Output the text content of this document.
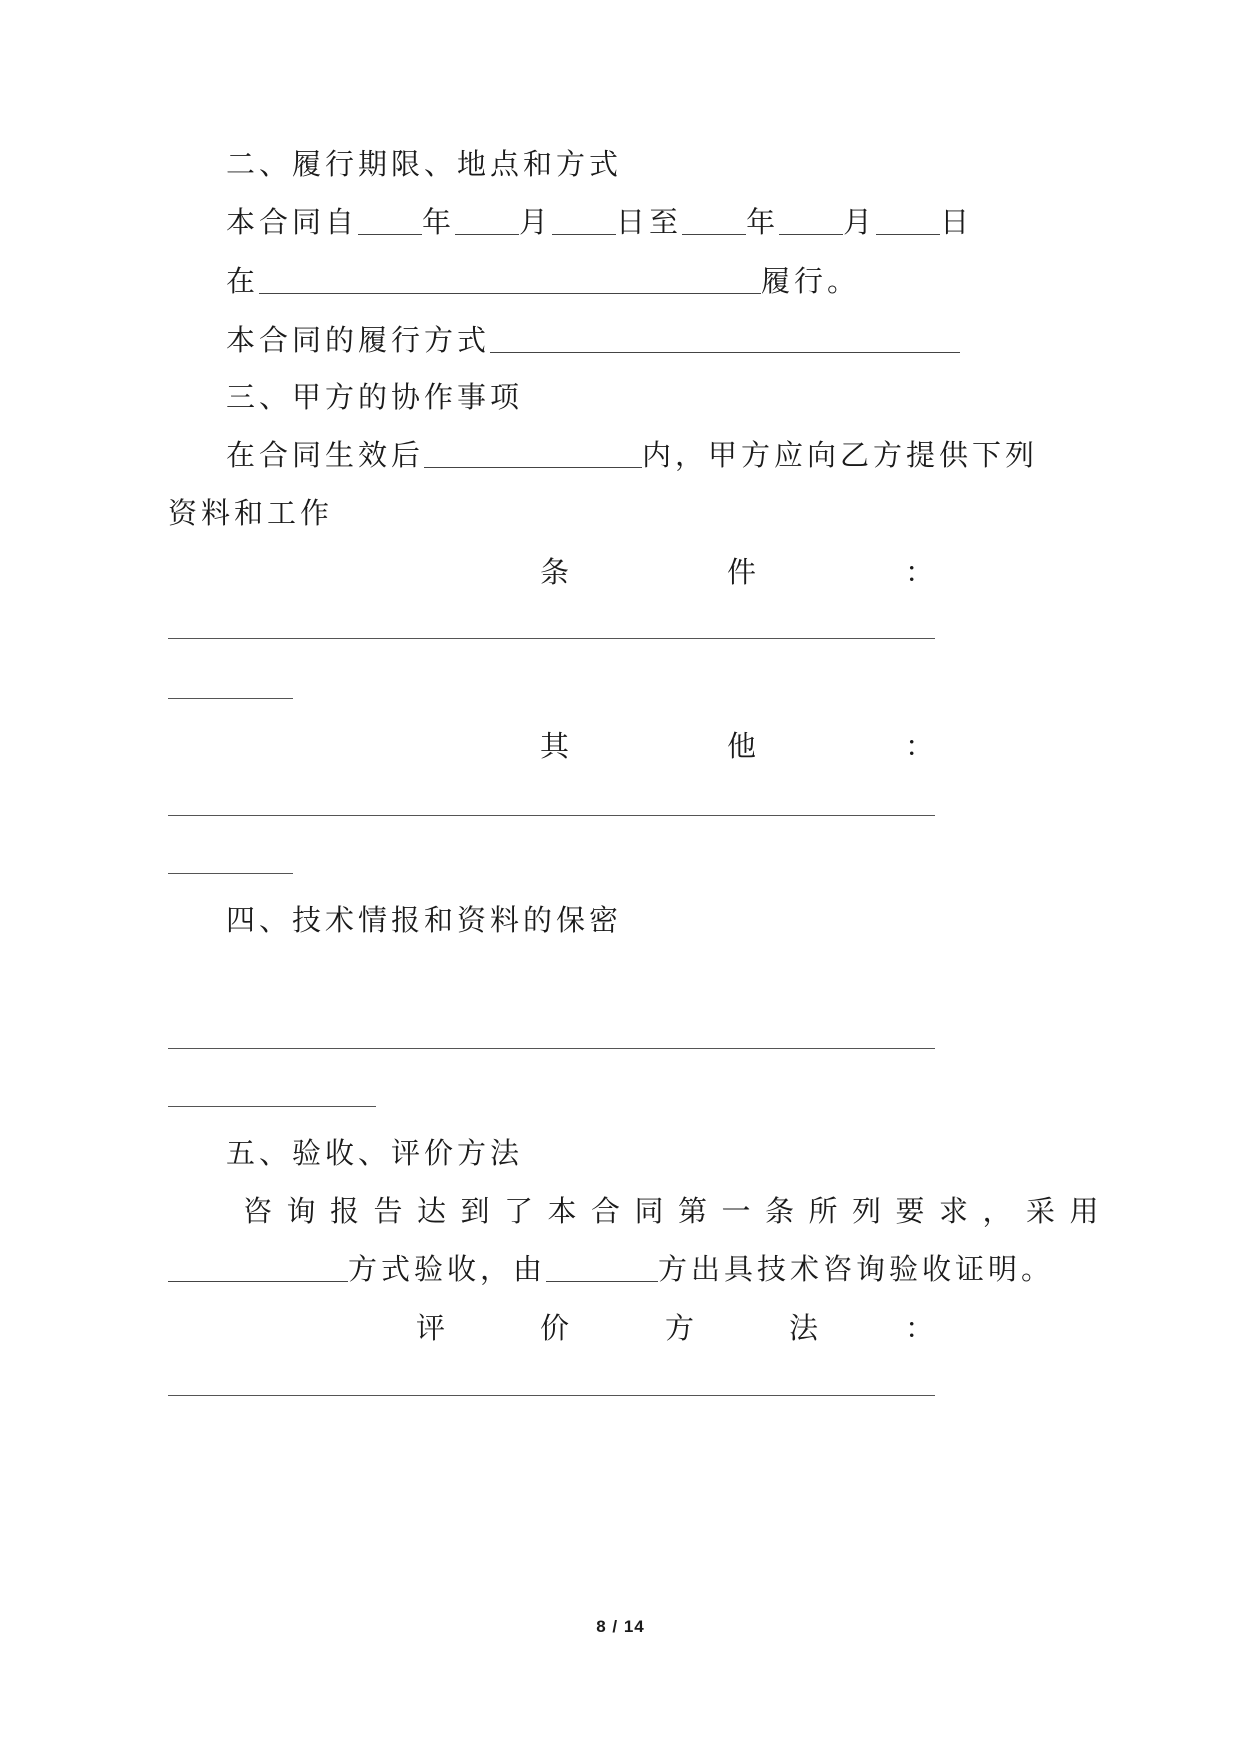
二、履行期限、地点和方式
本合同自 年 月 日至 年 月 日
在	履行。
本合同的履行方式
三、甲方的协作事项
在合同生效后	内，甲方应向乙方提供下列
资料和工作
条	件	：
其	他	：
四、技术情报和资料的保密
五、验收、评价方法
咨询报告达到了本合同第一条所列要求，采用
方式验收，由	方出具技术咨询验收证明。
评	价	方	法	：
8 / 14
